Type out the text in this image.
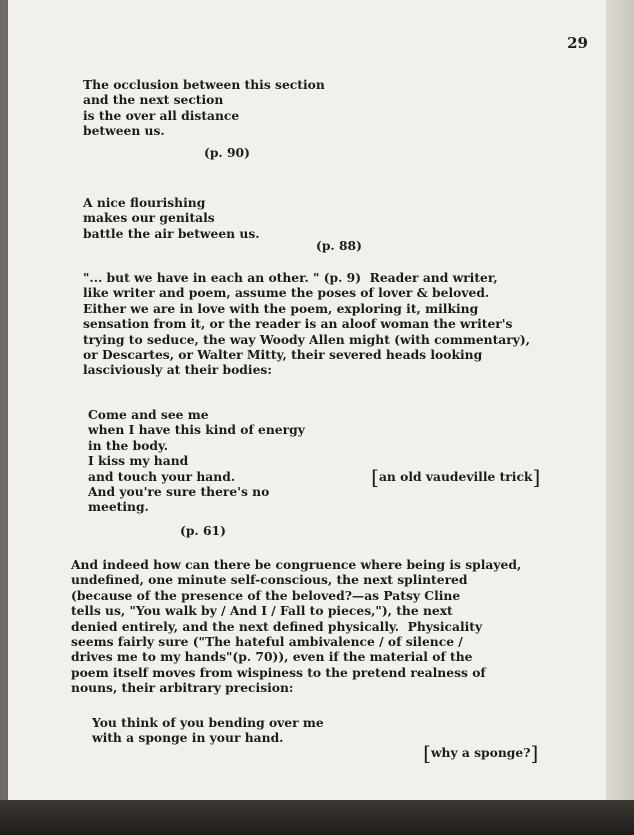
29
The occlusion between this section
and the next section
is the over all distance
between us.
(p. 90)
A nice flourishing
makes our genitals
battle the air between us.
(p. 88)
"... but we have in each an other. " (p. 9)  Reader and writer,
like writer and poem, assume the poses of lover & beloved.
Either we are in love with the poem, exploring it, milking
sensation from it, or the reader is an aloof woman the writer's
trying to seduce, the way Woody Allen might (with commentary),
or Descartes, or Walter Mitty, their severed heads looking
lasciviously at their bodies:
Come and see me
when I have this kind of energy
in the body.
I kiss my hand
and touch your hand.
And you're sure there's no
meeting.

[an old vaudeville trick]

(p. 61)
And indeed how can there be congruence where being is splayed,
undefined, one minute self-conscious, the next splintered
(because of the presence of the beloved?—as Patsy Cline
tells us, "You walk by / And I / Fall to pieces,"), the next
denied entirely, and the next defined physically.  Physicality
seems fairly sure ("The hateful ambivalence / of silence /
drives me to my hands"(p. 70)), even if the material of the
poem itself moves from wispiness to the pretend realness of
nouns, their arbitrary precision:
You think of you bending over me
with a sponge in your hand.

[why a sponge?]
